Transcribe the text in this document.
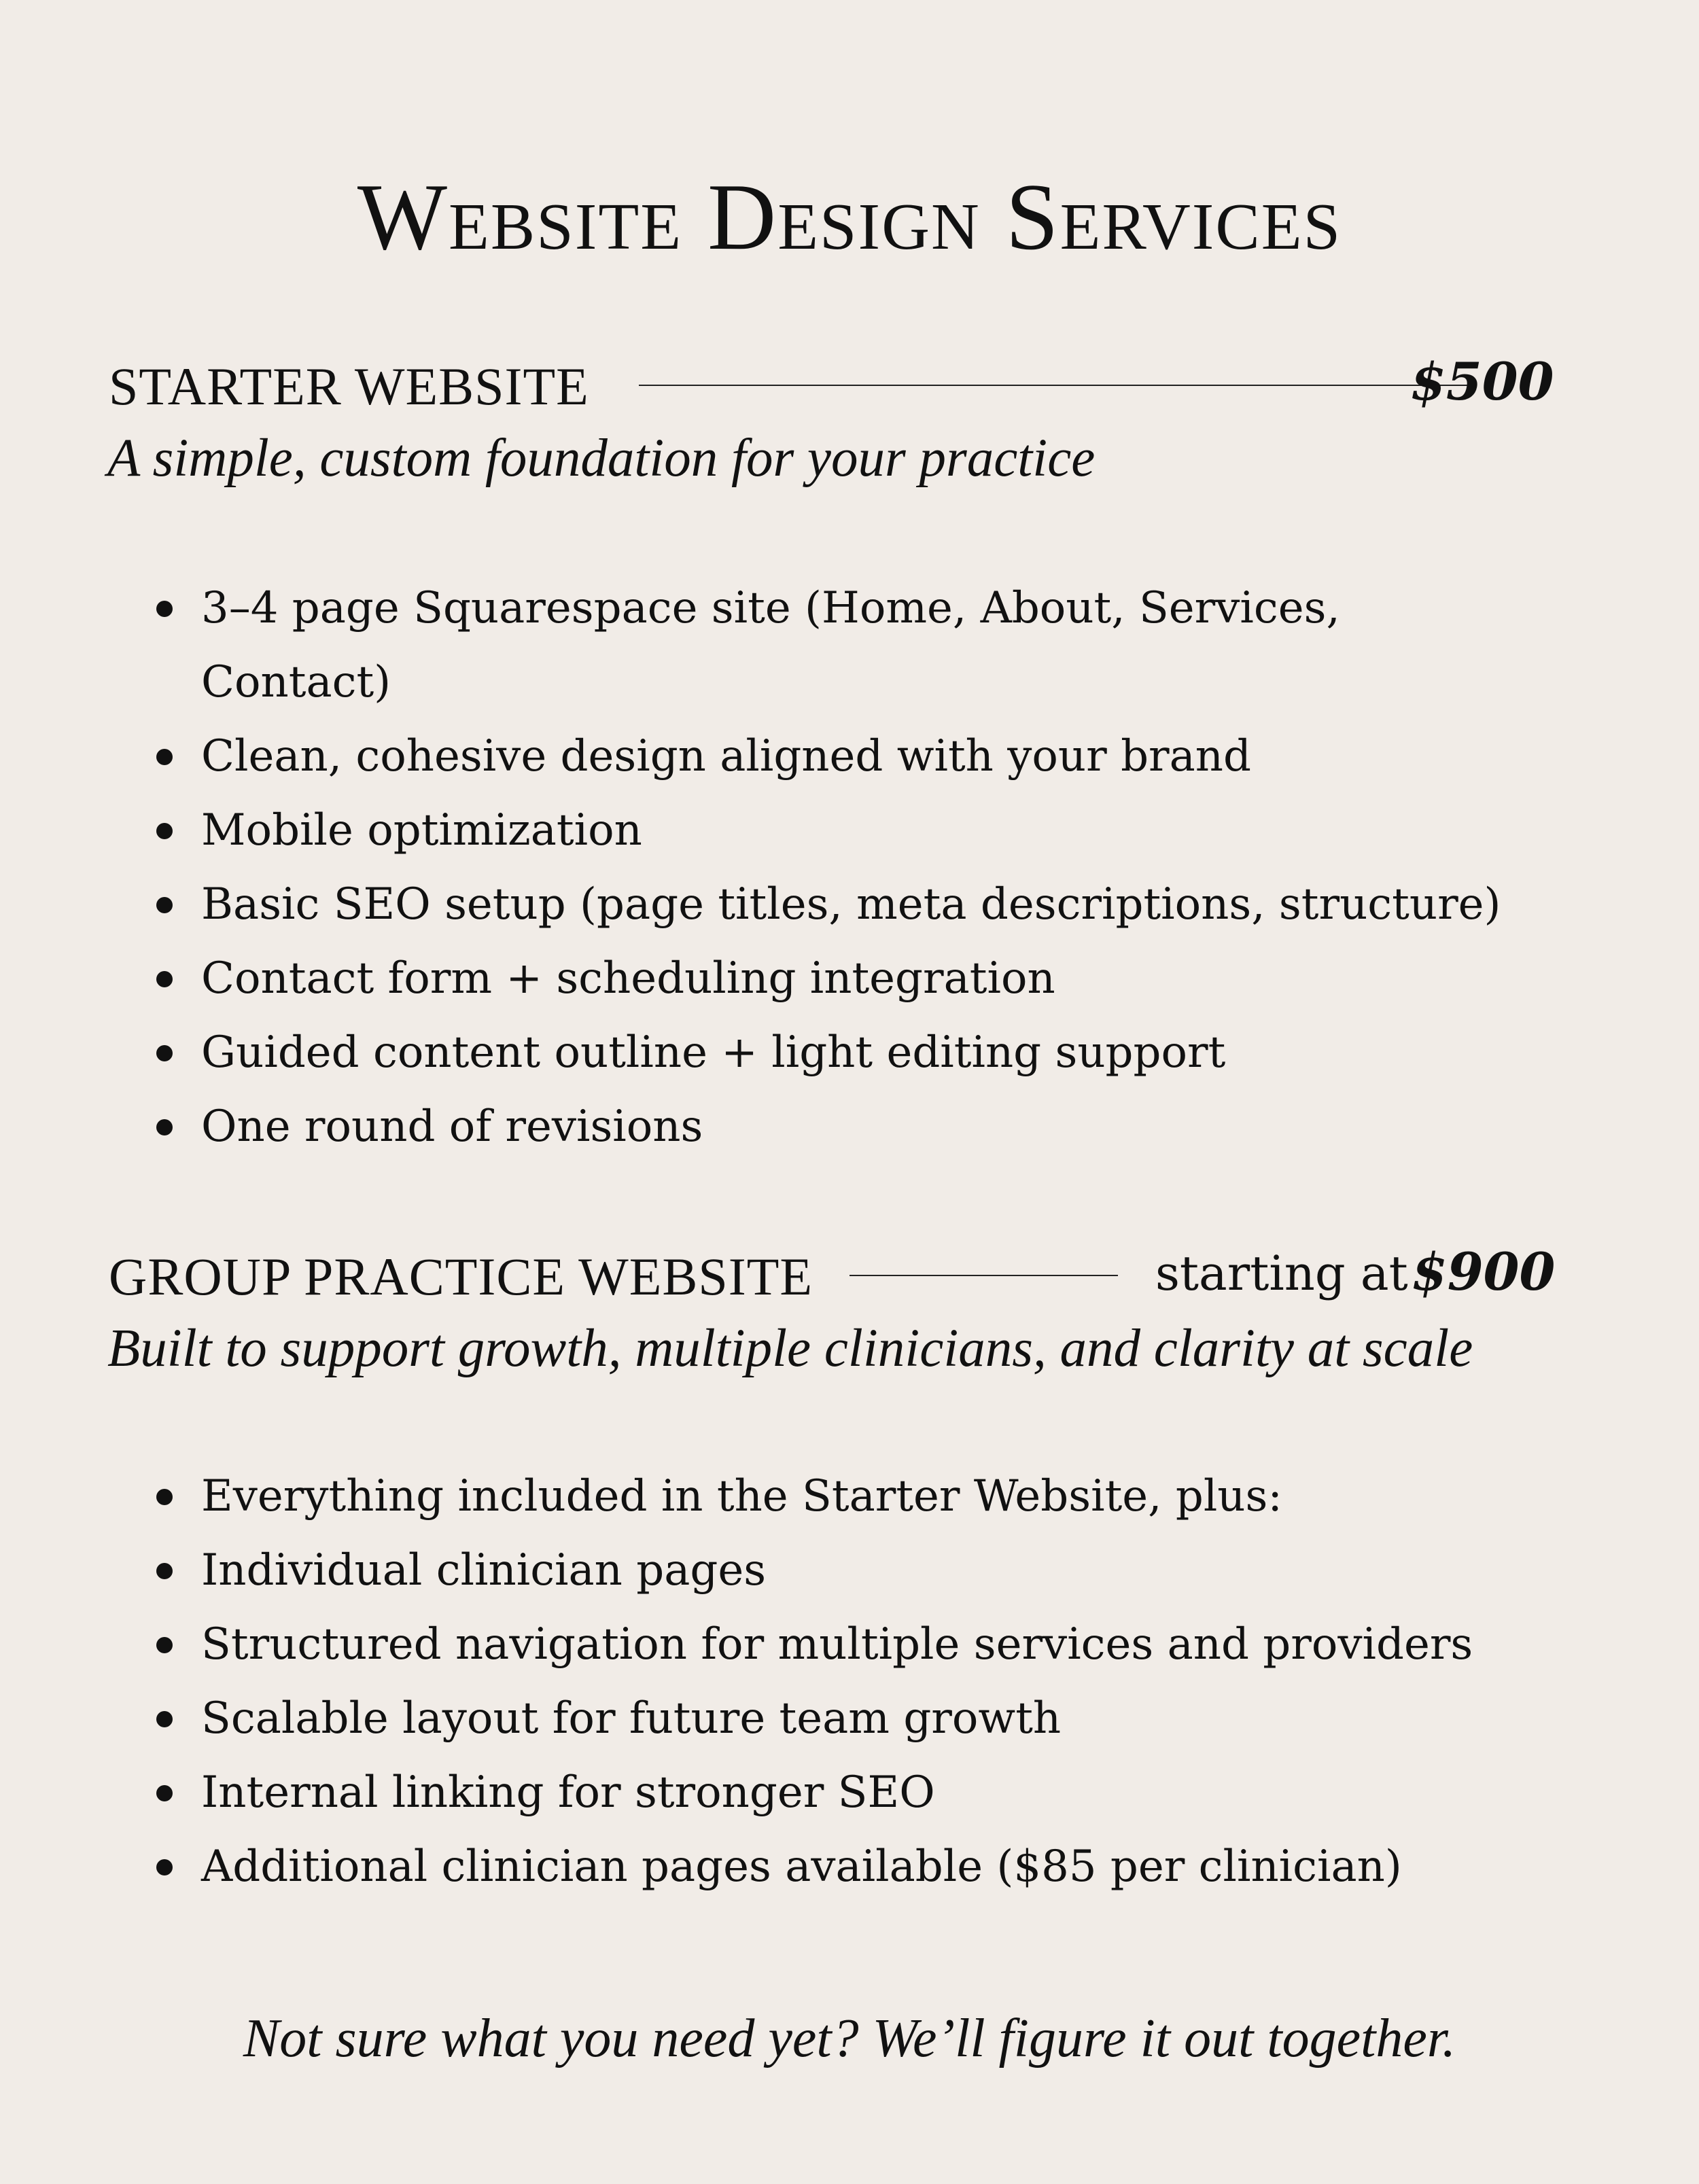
Website Design Services
STARTER WEBSITE	$500
A simple, custom foundation for your practice
3–4 page Squarespace site (Home, About, Services, Contact)
Clean, cohesive design aligned with your brand
Mobile optimization
Basic SEO setup (page titles, meta descriptions, structure)
Contact form + scheduling integration
Guided content outline + light editing support
One round of revisions
GROUP PRACTICE WEBSITE	starting at $900
Built to support growth, multiple clinicians, and clarity at scale
Everything included in the Starter Website, plus:
Individual clinician pages
Structured navigation for multiple services and providers
Scalable layout for future team growth
Internal linking for stronger SEO
Additional clinician pages available ($85 per clinician)

Not sure what you need yet? We’ll figure it out together.
